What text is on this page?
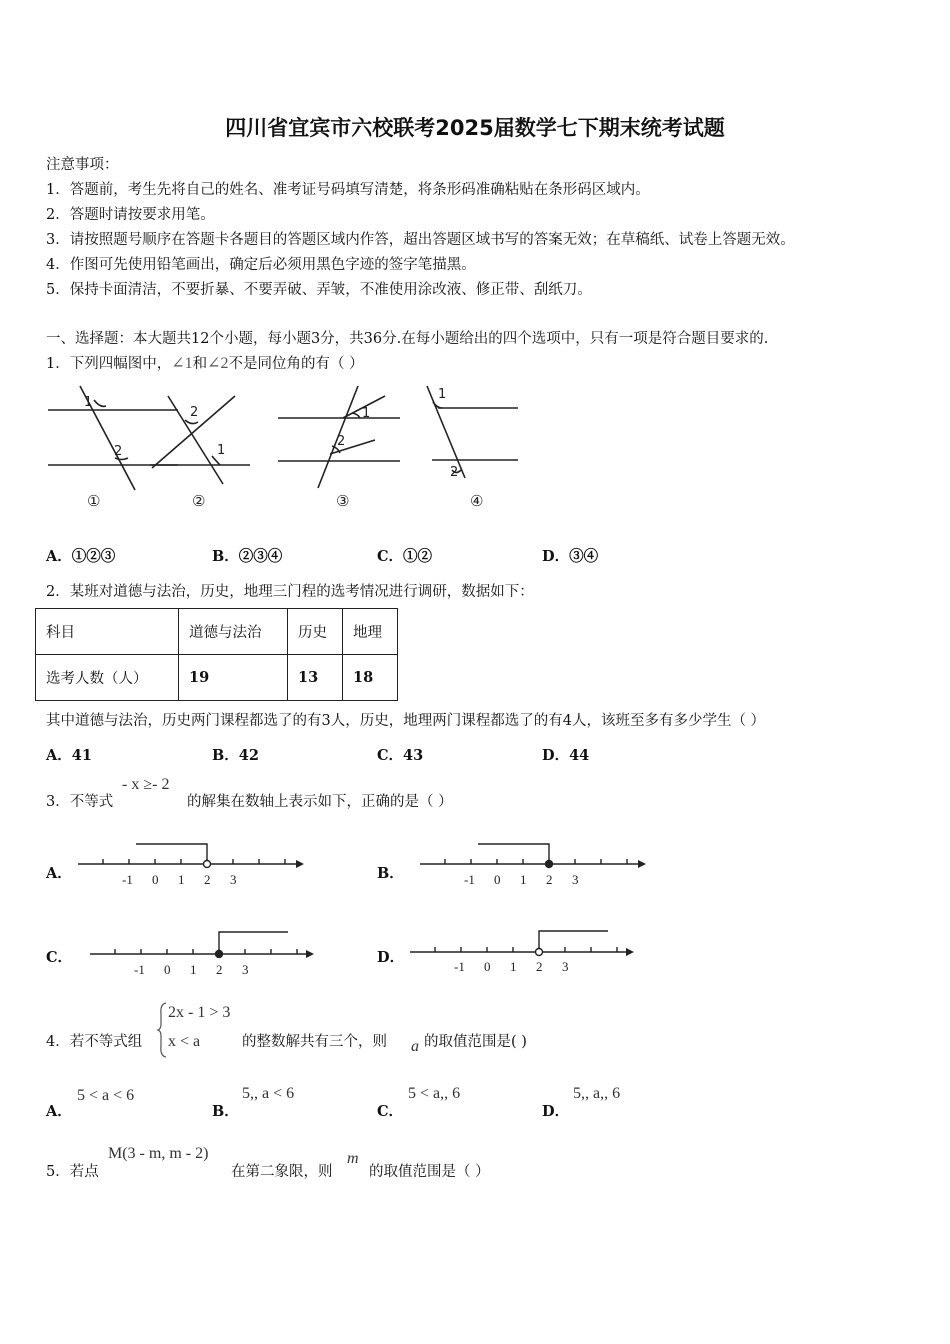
四川省宜宾市六校联考2025届数学七下期末统考试题
注意事项：
1．答题前，考生先将自己的姓名、准考证号码填写清楚，将条形码准确粘贴在条形码区域内。
2．答题时请按要求用笔。
3．请按照题号顺序在答题卡各题目的答题区域内作答，超出答题区域书写的答案无效；在草稿纸、试卷上答题无效。
4．作图可先使用铅笔画出，确定后必须用黑色字迹的签字笔描黑。
5．保持卡面清洁，不要折暴、不要弄破、弄皱，不准使用涂改液、修正带、刮纸刀。
一、选择题：本大题共12个小题，每小题3分，共36分.在每小题给出的四个选项中，只有一项是符合题目要求的.
1．下列四幅图中，∠1和∠2不是同位角的有（ ）
1
2
2
1
1
2
1
2
①	②	③	④
A．①②③	B．②③④	C．①②	D．③④
2．某班对道德与法治，历史，地理三门程的选考情况进行调研，数据如下：
科目	道德与法治	历史	地理
选考人数（人）	19	13	18
其中道德与法治，历史两门课程都选了的有3人，历史，地理两门课程都选了的有4人，该班至多有多少学生（ ）
A．41	B．42	C．43	D．44
3．不等式
- x ≥- 2
的解集在数轴上表示如下，正确的是（ ）
A．	-1 0 1 2 3	B．	-1 0 1 2 3
C．
-1 0 1 2 3
D．
-1 0 1 2 3
4．若不等式组
2x - 1 > 3
x < a	的整数解共有三个，则 a 的取值范围是( )
A．
5 < a < 6
B．
5,, a < 6
C．
5 < a,, 6
D．
5,, a,, 6
5．若点
M(3 - m, m - 2)
在第二象限，则
m
的取值范围是（ ）
